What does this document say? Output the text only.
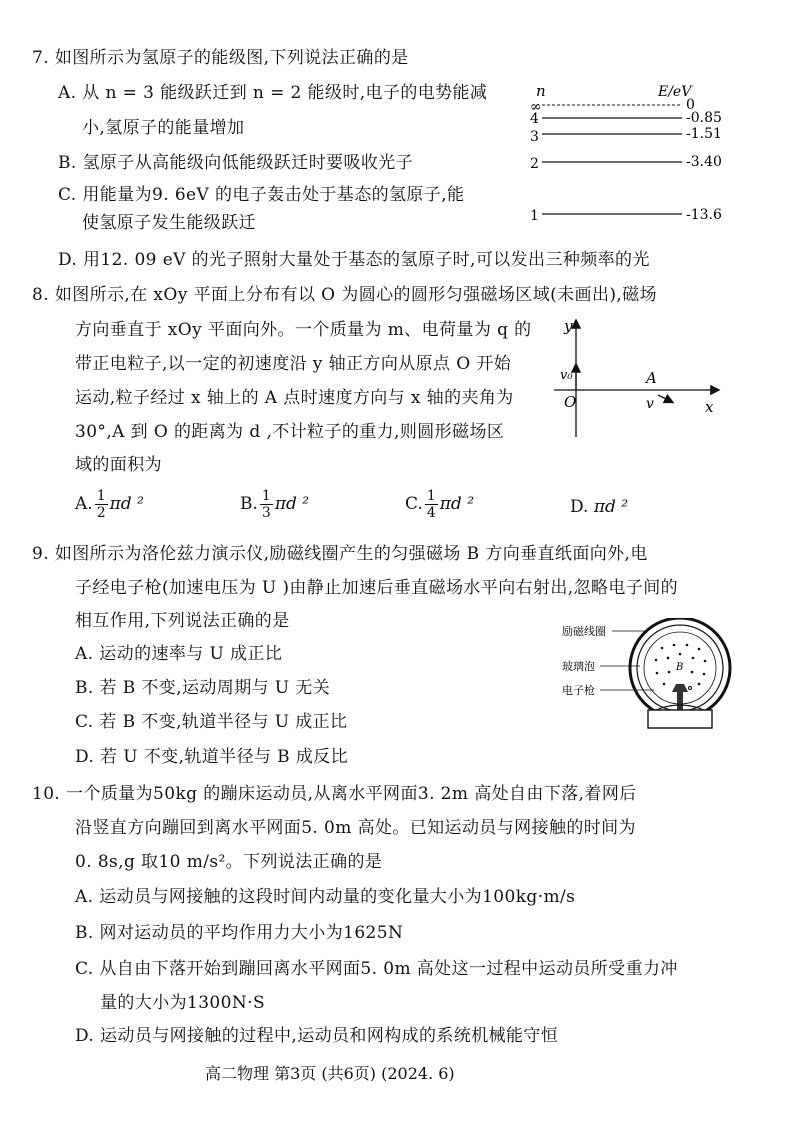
7. 如图所示为氢原子的能级图,下列说法正确的是
A. 从 n = 3 能级跃迁到 n = 2 能级时,电子的电势能减
小,氢原子的能量增加
B. 氢原子从高能级向低能级跃迁时要吸收光子
C. 用能量为9. 6eV 的电子轰击处于基态的氢原子,能
使氢原子发生能级跃迁
D. 用12. 09 eV 的光子照射大量处于基态的氢原子时,可以发出三种频率的光
n	E/eV
∞	0
4	-0.85
3	-1.51
2	-3.40
1	-13.6
8. 如图所示,在 xOy 平面上分布有以 O 为圆心的圆形匀强磁场区域(未画出),磁场
方向垂直于 xOy 平面向外。一个质量为 m、电荷量为 q 的
带正电粒子,以一定的初速度沿 y 轴正方向从原点 O 开始
运动,粒子经过 x 轴上的 A 点时速度方向与 x 轴的夹角为
30°,A 到 O 的距离为 d ,不计粒子的重力,则圆形磁场区
域的面积为
y
x
O
v₀	A
v
A. $\frac{1}{2}$ πd ²	B. $\frac{1}{3}$ πd ²	C. $\frac{1}{4}$ πd ²	D. πd ²
9. 如图所示为洛伦兹力演示仪,励磁线圈产生的匀强磁场 B 方向垂直纸面向外,电
子经电子枪(加速电压为 U )由静止加速后垂直磁场水平向右射出,忽略电子间的
相互作用,下列说法正确的是
A. 运动的速率与 U 成正比
B. 若 B 不变,运动周期与 U 无关
C. 若 B 不变,轨道半径与 U 成正比
D. 若 U 不变,轨道半径与 B 成反比
励磁线圈
玻璃泡
电子枪
B
10. 一个质量为50kg 的蹦床运动员,从离水平网面3. 2m 高处自由下落,着网后
沿竖直方向蹦回到离水平网面5. 0m 高处。已知运动员与网接触的时间为
0. 8s,g 取10 m/s²。下列说法正确的是
A. 运动员与网接触的这段时间内动量的变化量大小为100kg·m/s
B. 网对运动员的平均作用力大小为1625N
C. 从自由下落开始到蹦回离水平网面5. 0m 高处这一过程中运动员所受重力冲
量的大小为1300N·S
D. 运动员与网接触的过程中,运动员和网构成的系统机械能守恒
高二物理 第3页 (共6页) (2024. 6)
